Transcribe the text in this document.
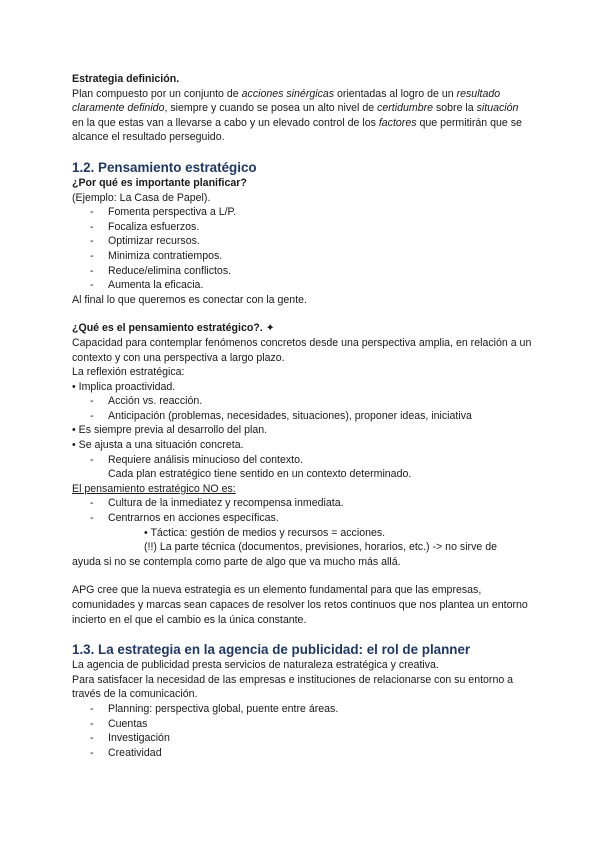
Estrategia definición.

Plan compuesto por un conjunto de acciones sinérgicas orientadas al logro de un resultado claramente definido, siempre y cuando se posea un alto nivel de certidumbre sobre la situación en la que estas van a llevarse a cabo y un elevado control de los factores que permitirán que se alcance el resultado perseguido.

1.2. Pensamiento estratégico

¿Por qué es importante planificar?

(Ejemplo: La Casa de Papel).

- Fomenta perspectiva a L/P.
- Focaliza esfuerzos.
- Optimizar recursos.
- Minimiza contratiempos.
- Reduce/elimina conflictos.
- Aumenta la eficacia.

Al final lo que queremos es conectar con la gente.

¿Qué es el pensamiento estratégico?. ✦

Capacidad para contemplar fenómenos concretos desde una perspectiva amplia, en relación a un contexto y con una perspectiva a largo plazo.

La reflexión estratégica:

• Implica proactividad.

- Acción vs. reacción.
- Anticipación (problemas, necesidades, situaciones), proponer ideas, iniciativa

• Es siempre previa al desarrollo del plan.

• Se ajusta a una situación concreta.

- Requiere análisis minucioso del contexto.

Cada plan estratégico tiene sentido en un contexto determinado.

El pensamiento estratégico NO es:

- Cultura de la inmediatez y recompensa inmediata.
- Centrarnos en acciones específicas.

• Táctica: gestión de medios y recursos = acciones.

(!!) La parte técnica (documentos, previsiones, horarios, etc.) -> no sirve de

ayuda si no se contempla como parte de algo que va mucho más allá.

APG cree que la nueva estrategia es un elemento fundamental para que las empresas, comunidades y marcas sean capaces de resolver los retos continuos que nos plantea un entorno incierto en el que el cambio es la única constante.

1.3. La estrategia en la agencia de publicidad: el rol de planner

La agencia de publicidad presta servicios de naturaleza estratégica y creativa.

Para satisfacer la necesidad de las empresas e instituciones de relacionarse con su entorno a través de la comunicación.

- Planning: perspectiva global, puente entre áreas.
- Cuentas
- Investigación
- Creatividad
